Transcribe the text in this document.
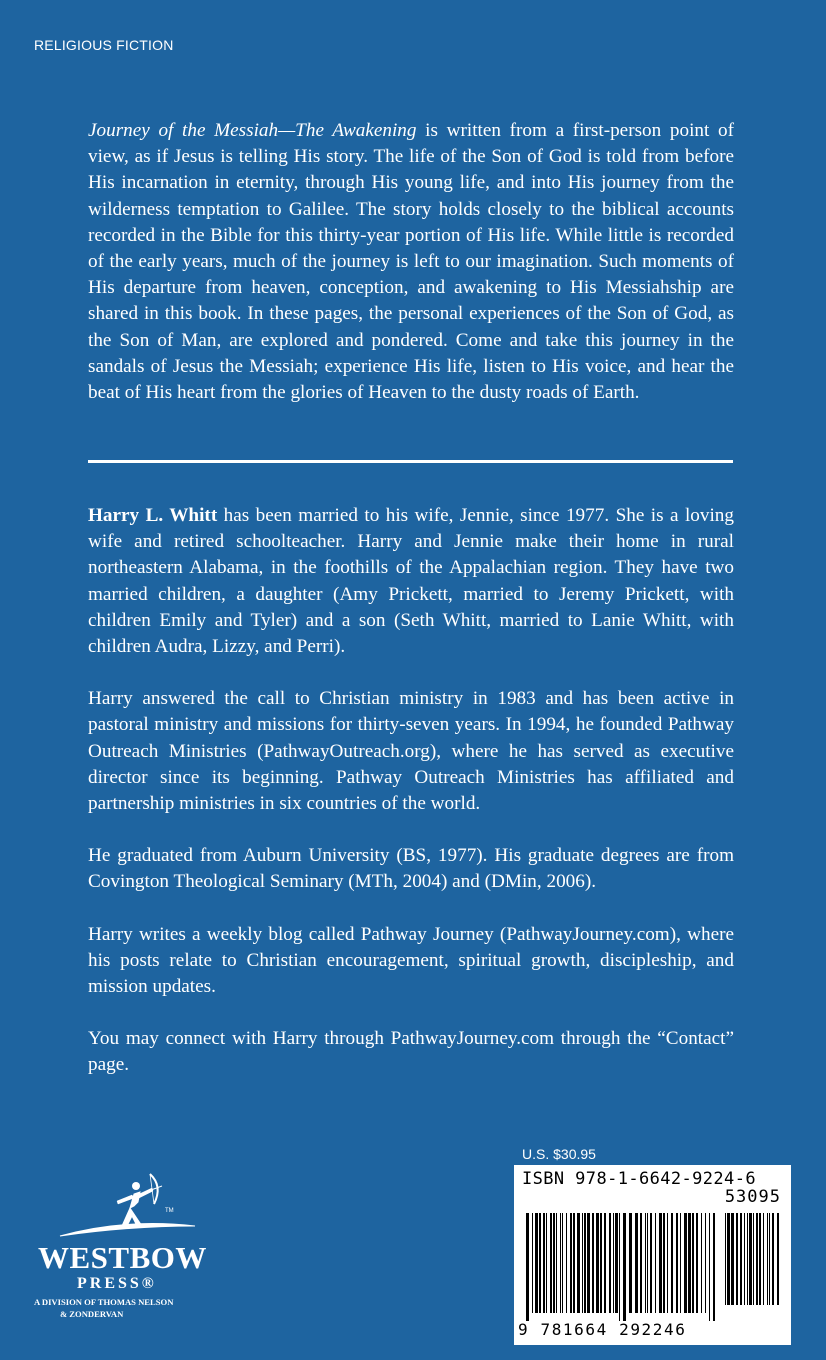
RELIGIOUS FICTION

Journey of the Messiah—The Awakening is written from a first-person point of view, as if Jesus is telling His story. The life of the Son of God is told from before His incarnation in eternity, through His young life, and into His journey from the wilderness temptation to Galilee. The story holds closely to the biblical accounts recorded in the Bible for this thirty-year portion of His life. While little is recorded of the early years, much of the journey is left to our imagination. Such moments of His departure from heaven, conception, and awakening to His Messiahship are shared in this book. In these pages, the personal experiences of the Son of God, as the Son of Man, are explored and pondered. Come and take this journey in the sandals of Jesus the Messiah; experience His life, listen to His voice, and hear the beat of His heart from the glories of Heaven to the dusty roads of Earth.

Harry L. Whitt has been married to his wife, Jennie, since 1977. She is a loving wife and retired schoolteacher. Harry and Jennie make their home in rural northeastern Alabama, in the foothills of the Appalachian region. They have two married children, a daughter (Amy Prickett, married to Jeremy Prickett, with children Emily and Tyler) and a son (Seth Whitt, married to Lanie Whitt, with children Audra, Lizzy, and Perri).

Harry answered the call to Christian ministry in 1983 and has been active in pastoral ministry and missions for thirty-seven years. In 1994, he founded Pathway Outreach Ministries (PathwayOutreach.org), where he has served as executive director since its beginning. Pathway Outreach Ministries has affiliated and partnership ministries in six countries of the world.

He graduated from Auburn University (BS, 1977). His graduate degrees are from Covington Theological Seminary (MTh, 2004) and (DMin, 2006).

Harry writes a weekly blog called Pathway Journey (PathwayJourney.com), where his posts relate to Christian encouragement, spiritual growth, discipleship, and mission updates.

You may connect with Harry through PathwayJourney.com through the “Contact” page.

TM
WESTBOW
PRESS®
A DIVISION OF THOMAS NELSON
& ZONDERVAN
U.S. $30.95
ISBN 978-1-6642-9224-6
53095
9 781664 292246
